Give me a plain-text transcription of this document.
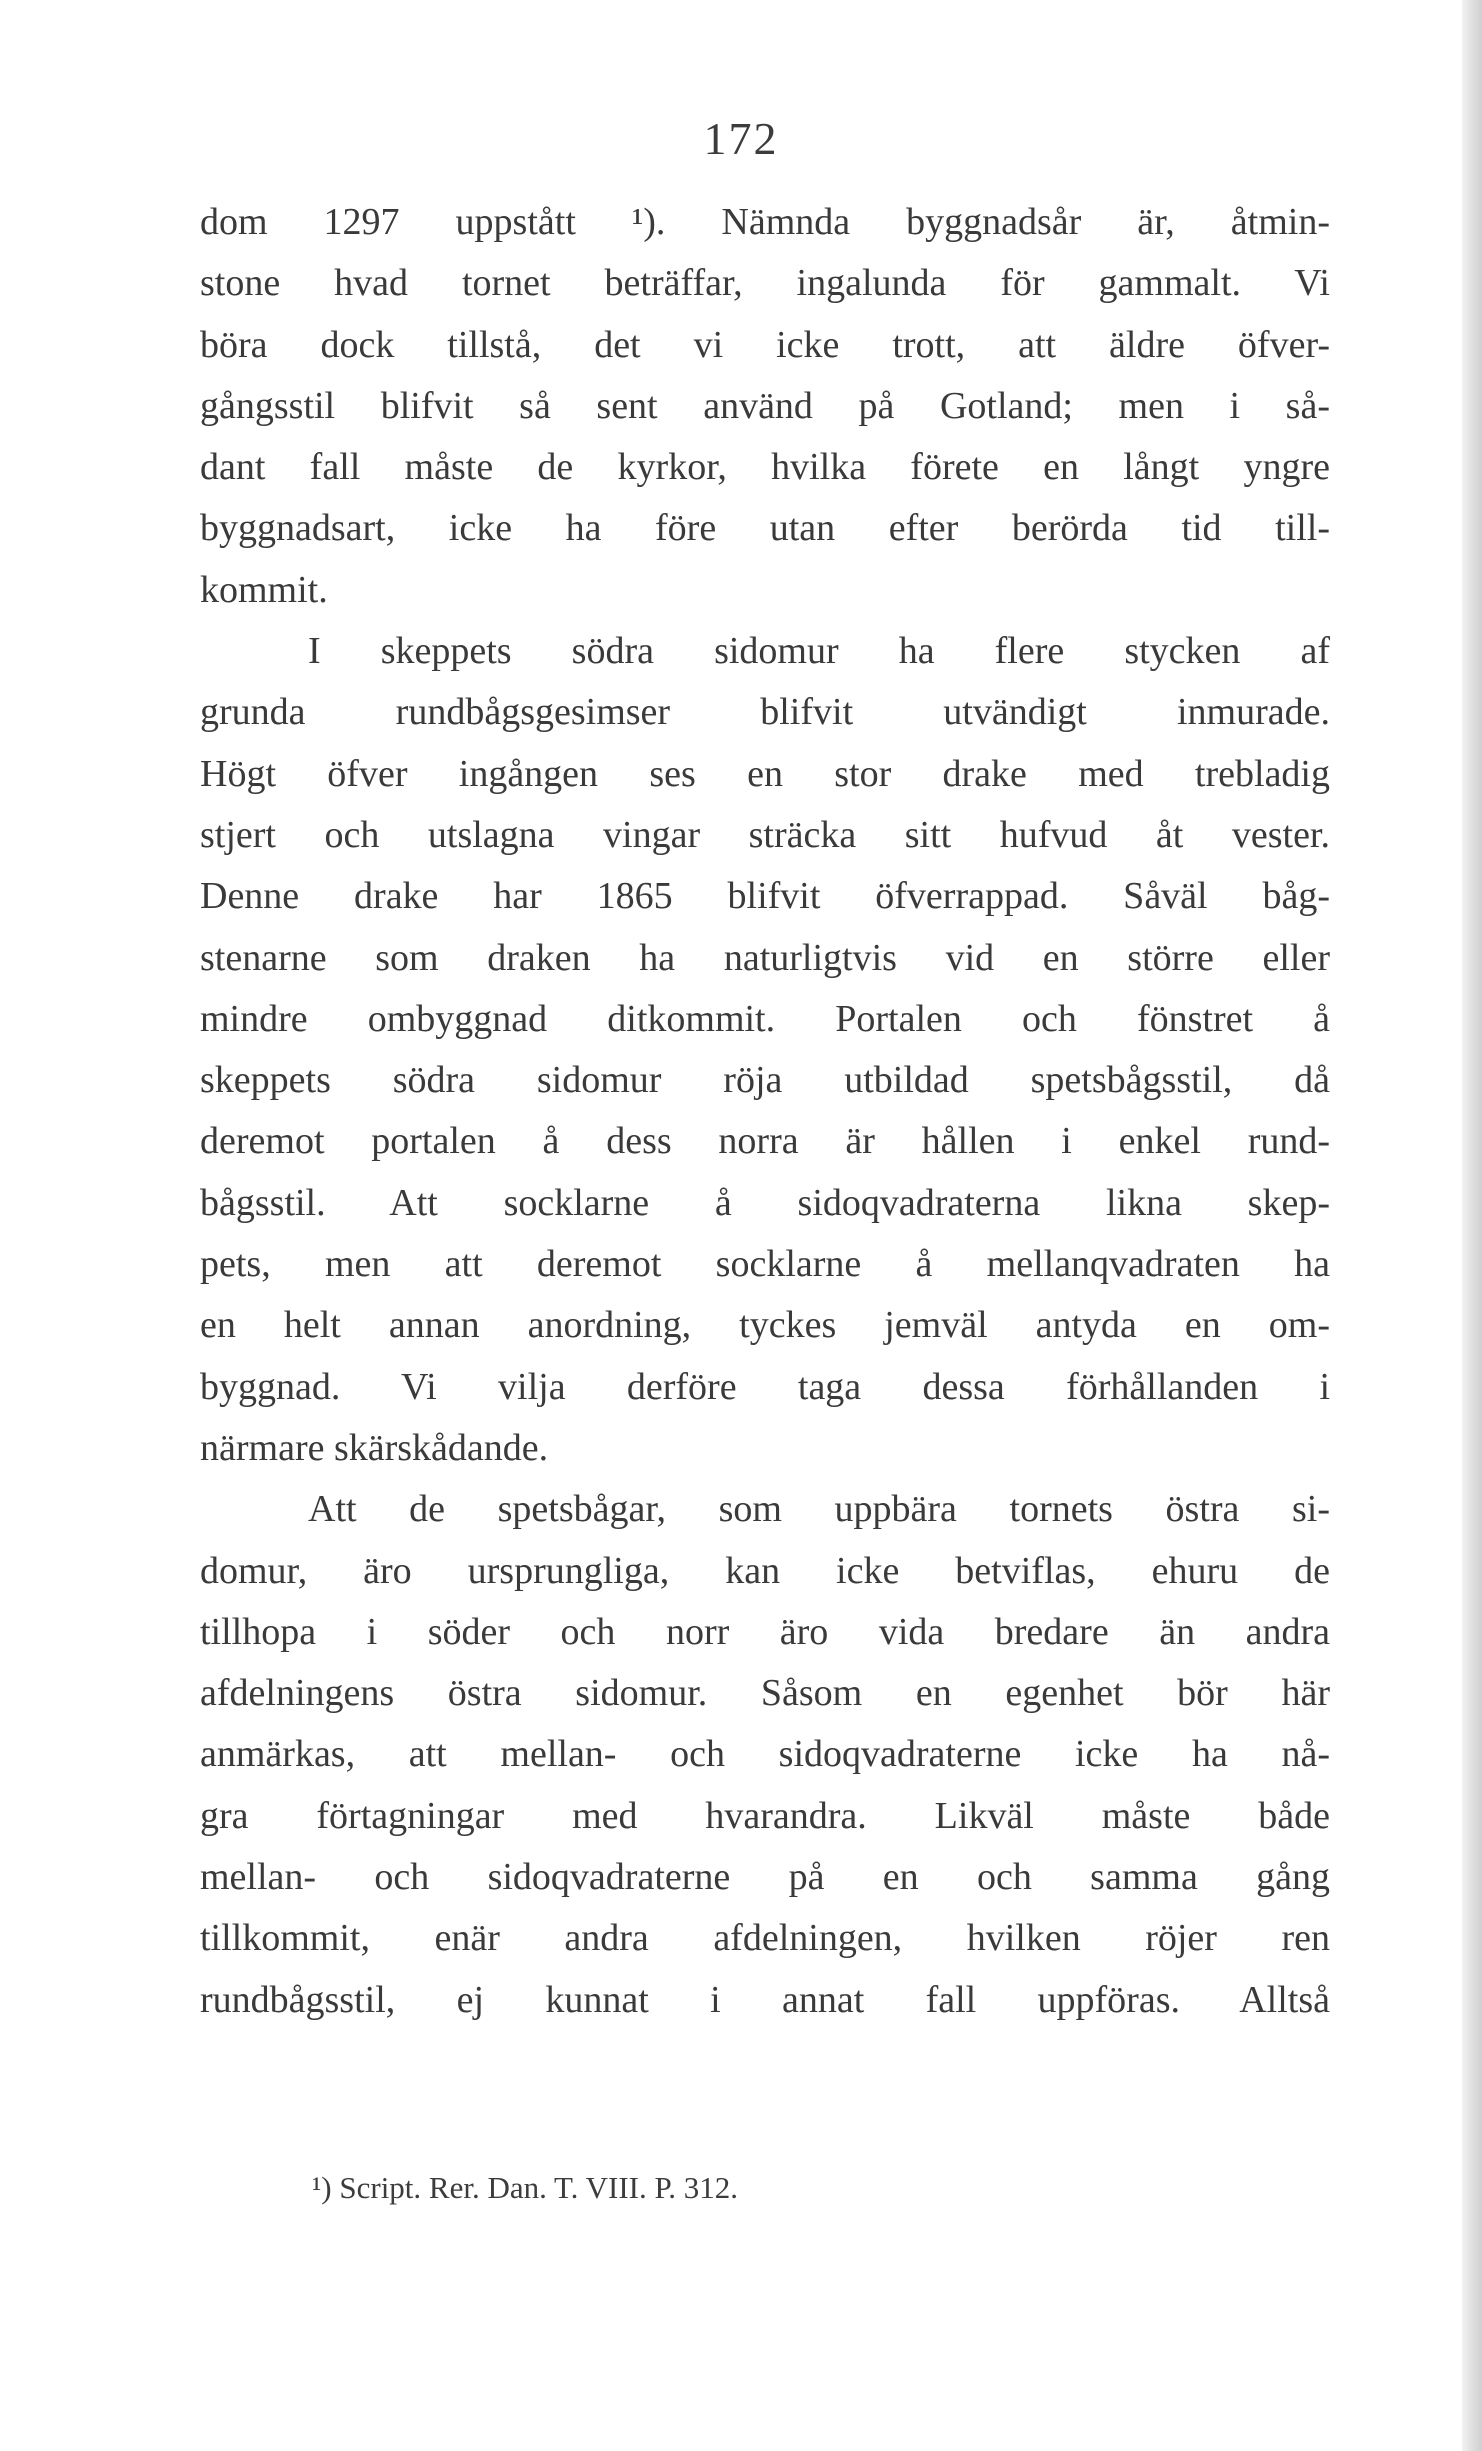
172
dom 1297 uppstått ¹). Nämnda byggnadsår är, åtmin-
stone hvad tornet beträffar, ingalunda för gammalt. Vi
böra dock tillstå, det vi icke trott, att äldre öfver-
gångsstil blifvit så sent använd på Gotland; men i så-
dant fall måste de kyrkor, hvilka förete en långt yngre
byggnadsart, icke ha före utan efter berörda tid till-
kommit.
I skeppets södra sidomur ha flere stycken af
grunda rundbågsgesimser blifvit utvändigt inmurade.
Högt öfver ingången ses en stor drake med trebladig
stjert och utslagna vingar sträcka sitt hufvud åt vester.
Denne drake har 1865 blifvit öfverrappad. Såväl båg-
stenarne som draken ha naturligtvis vid en större eller
mindre ombyggnad ditkommit. Portalen och fönstret å
skeppets södra sidomur röja utbildad spetsbågsstil, då
deremot portalen å dess norra är hållen i enkel rund-
bågsstil. Att socklarne å sidoqvadraterna likna skep-
pets, men att deremot socklarne å mellanqvadraten ha
en helt annan anordning, tyckes jemväl antyda en om-
byggnad. Vi vilja derföre taga dessa förhållanden i
närmare skärskådande.
Att de spetsbågar, som uppbära tornets östra si-
domur, äro ursprungliga, kan icke betviflas, ehuru de
tillhopa i söder och norr äro vida bredare än andra
afdelningens östra sidomur. Såsom en egenhet bör här
anmärkas, att mellan- och sidoqvadraterne icke ha nå-
gra förtagningar med hvarandra. Likväl måste både
mellan- och sidoqvadraterne på en och samma gång
tillkommit, enär andra afdelningen, hvilken röjer ren
rundbågsstil, ej kunnat i annat fall uppföras. Alltså
¹) Script. Rer. Dan. T. VIII. P. 312.
